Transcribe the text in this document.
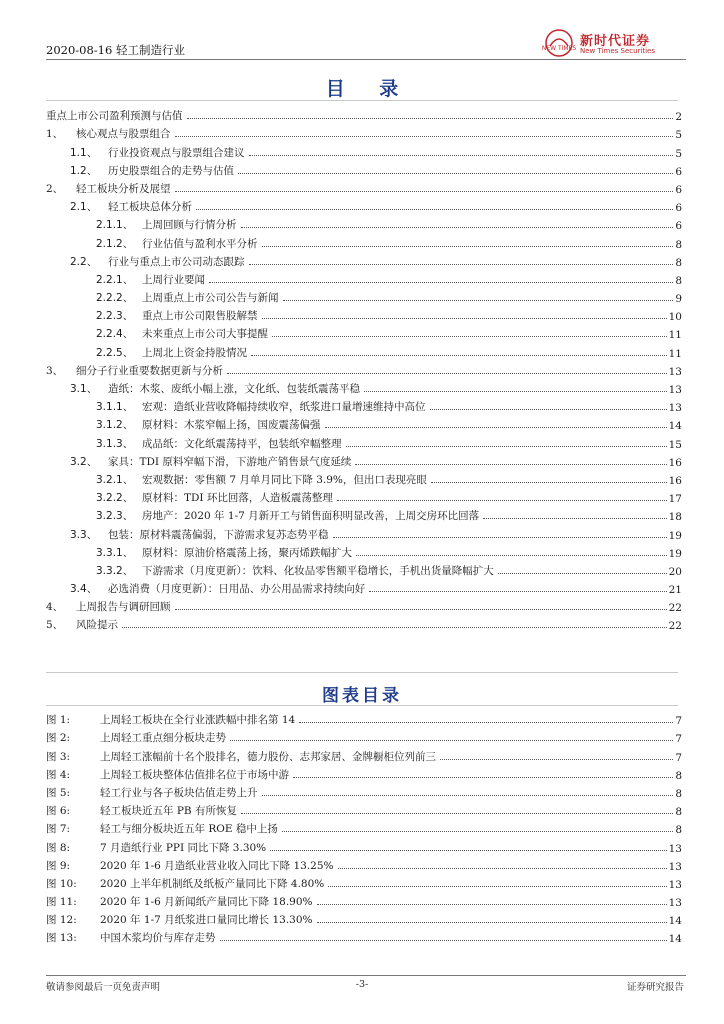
2020-08-16 轻工制造行业	NEW TIMES 新时代证券
New Times Securities
目 录
重点上市公司盈利预测与估值	2
1、	核心观点与股票组合	5
1.1、 行业投资观点与股票组合建议	5
1.2、 历史股票组合的走势与估值	6
2、	轻工板块分析及展望	6
2.1、 轻工板块总体分析	6
2.1.1、 上周回顾与行情分析	6
2.1.2、 行业估值与盈利水平分析	8
2.2、 行业与重点上市公司动态跟踪	8
2.2.1、 上周行业要闻	8
2.2.2、 上周重点上市公司公告与新闻	9
2.2.3、 重点上市公司限售股解禁	10
2.2.4、 未来重点上市公司大事提醒	11
2.2.5、 上周北上资金持股情况	11
3、	细分子行业重要数据更新与分析	13
3.1、 造纸：木浆、废纸小幅上涨，文化纸、包装纸震荡平稳	13
3.1.1、 宏观：造纸业营收降幅持续收窄，纸浆进口量增速维持中高位	13
3.1.2、 原材料：木浆窄幅上扬，国废震荡偏强	14
3.1.3、 成品纸：文化纸震荡持平，包装纸窄幅整理	15
3.2、 家具：TDI 原料窄幅下滑，下游地产销售景气度延续	16
3.2.1、 宏观数据：零售额 7 月单月同比下降 3.9%，但出口表现亮眼	16
3.2.2、 原材料：TDI 环比回落，人造板震荡整理	17
3.2.3、 房地产：2020 年 1-7 月新开工与销售面积明显改善，上周交房环比回落	18
3.3、 包装：原材料震荡偏弱，下游需求复苏态势平稳	19
3.3.1、 原材料：原油价格震荡上扬，聚丙烯跌幅扩大	19
3.3.2、 下游需求（月度更新）：饮料、化妆品零售额平稳增长，手机出货量降幅扩大	20
3.4、 必选消费（月度更新）：日用品、办公用品需求持续向好	21
4、	上周报告与调研回顾	22
5、	风险提示	22
图表目录
图 1:	上周轻工板块在全行业涨跌幅中排名第 14	7
图 2:	上周轻工重点细分板块走势	7
图 3:	上周轻工涨幅前十名个股排名，德力股份、志邦家居、金牌橱柜位列前三	7
图 4:	上周轻工板块整体估值排名位于市场中游	8
图 5:	轻工行业与各子板块估值走势上升	8
图 6:	轻工板块近五年 PB 有所恢复	8
图 7:	轻工与细分板块近五年 ROE 稳中上扬	8
图 8:	7 月造纸行业 PPI 同比下降 3.30%	13
图 9:	2020 年 1-6 月造纸业营业收入同比下降 13.25%	13
图 10:	2020 上半年机制纸及纸板产量同比下降 4.80%	13
图 11:	2020 年 1-6 月新闻纸产量同比下降 18.90%	13
图 12:	2020 年 1-7 月纸浆进口量同比增长 13.30%	14
图 13:	中国木浆均价与库存走势	14
敬请参阅最后一页免责声明	-3-	证券研究报告
